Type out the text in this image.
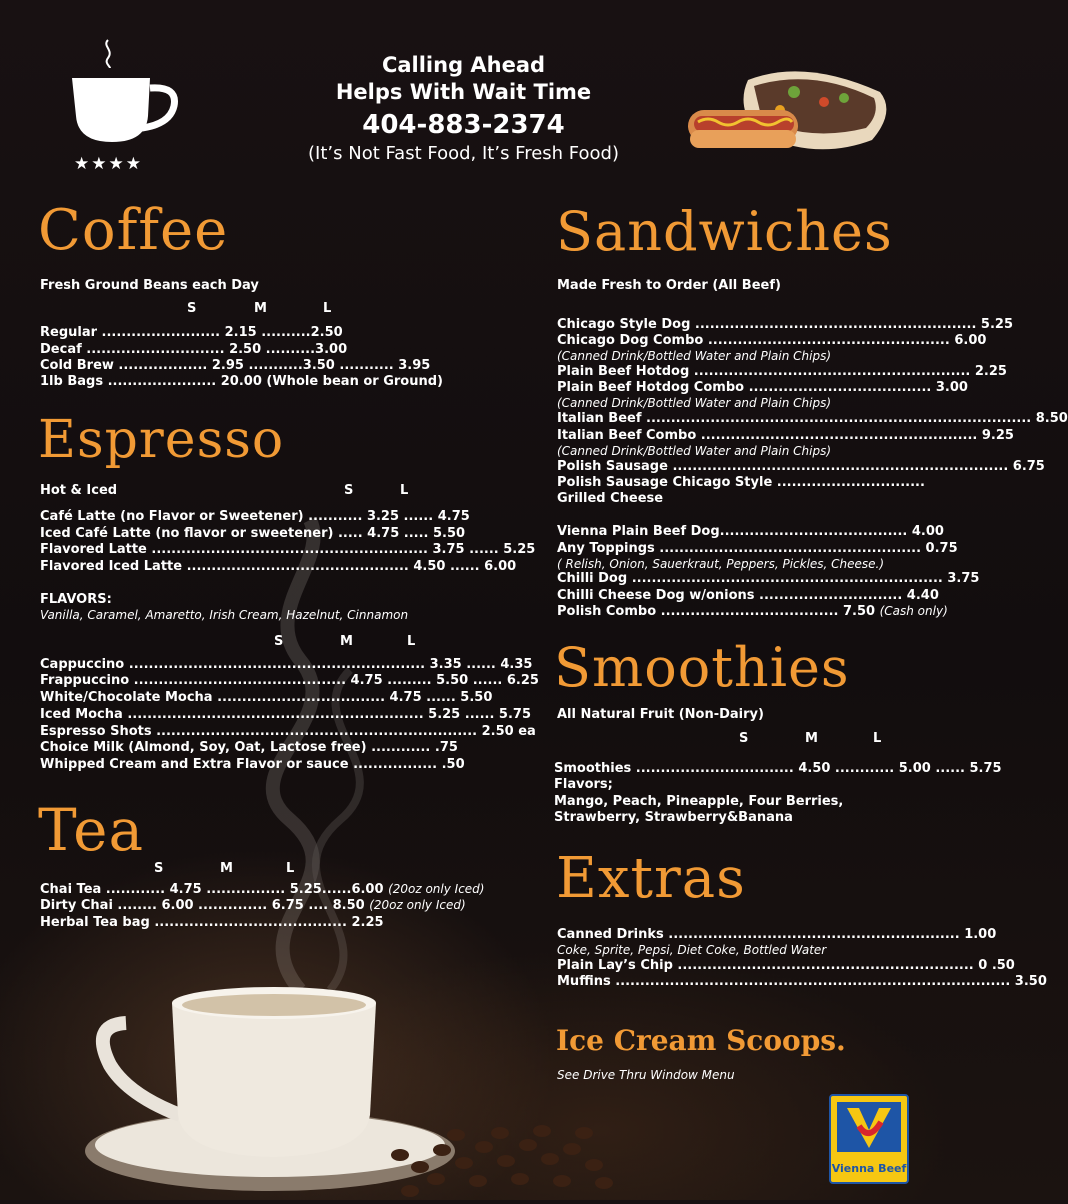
★★★★
Calling Ahead
Helps With Wait Time
404-883-2374
(It’s Not Fast Food, It’s Fresh Food)
Coffee
Fresh Ground Beans each Day
S	M	L
Regular ........................ 2.15 ..........2.50
Decaf ............................ 2.50 ..........3.00
Cold Brew .................. 2.95 ...........3.50 ........... 3.95
1lb Bags ...................... 20.00 (Whole bean or Ground)
Espresso
Hot & Iced	S	L
Café Latte (no Flavor or Sweetener) ........... 3.25 ...... 4.75
Iced Café Latte (no flavor or sweetener) ..... 4.75 ..... 5.50
Flavored Latte ........................................................ 3.75 ...... 5.25
Flavored Iced Latte ............................................. 4.50 ...... 6.00
FLAVORS:
Vanilla, Caramel, Amaretto, Irish Cream, Hazelnut, Cinnamon
S	M	L
Cappuccino ............................................................ 3.35 ...... 4.35
Frappuccino ........................................... 4.75 ......... 5.50 ...... 6.25
White/Chocolate Mocha .................................. 4.75 ...... 5.50
Iced Mocha ............................................................ 5.25 ...... 5.75
Espresso Shots ................................................................. 2.50 ea
Choice Milk (Almond, Soy, Oat, Lactose free) ............ .75
Whipped Cream and Extra Flavor or sauce ................. .50
Tea
S	M	L
Chai Tea ............ 4.75 ................ 5.25......6.00 (20oz only Iced)
Dirty Chai ........ 6.00 .............. 6.75 .... 8.50 (20oz only Iced)
Herbal Tea bag ....................................... 2.25
Sandwiches
Made Fresh to Order (All Beef)
Chicago Style Dog ......................................................... 5.25
Chicago Dog Combo ................................................. 6.00
(Canned Drink/Bottled Water and Plain Chips)
Plain Beef Hotdog ........................................................ 2.25
Plain Beef Hotdog Combo ..................................... 3.00
(Canned Drink/Bottled Water and Plain Chips)
Italian Beef .............................................................................. 8.50
Italian Beef Combo ........................................................ 9.25
(Canned Drink/Bottled Water and Plain Chips)
Polish Sausage .................................................................... 6.75
Polish Sausage Chicago Style ..............................
Grilled Cheese
Vienna Plain Beef Dog...................................... 4.00
Any Toppings ..................................................... 0.75
( Relish, Onion, Sauerkraut, Peppers, Pickles, Cheese.)
Chilli Dog ............................................................... 3.75
Chilli Cheese Dog w/onions ............................. 4.40
Polish Combo .................................... 7.50 (Cash only)
Smoothies
All Natural Fruit (Non-Dairy)
S	M	L
Smoothies ................................ 4.50 ............ 5.00 ...... 5.75
Flavors;
Mango, Peach, Pineapple, Four Berries,
Strawberry, Strawberry&Banana
Extras
Canned Drinks ........................................................... 1.00
Coke, Sprite, Pepsi, Diet Coke, Bottled Water
Plain Lay’s Chip ............................................................ 0 .50
Muffins ................................................................................ 3.50
Ice Cream Scoops.
See Drive Thru Window Menu
Vienna Beef
